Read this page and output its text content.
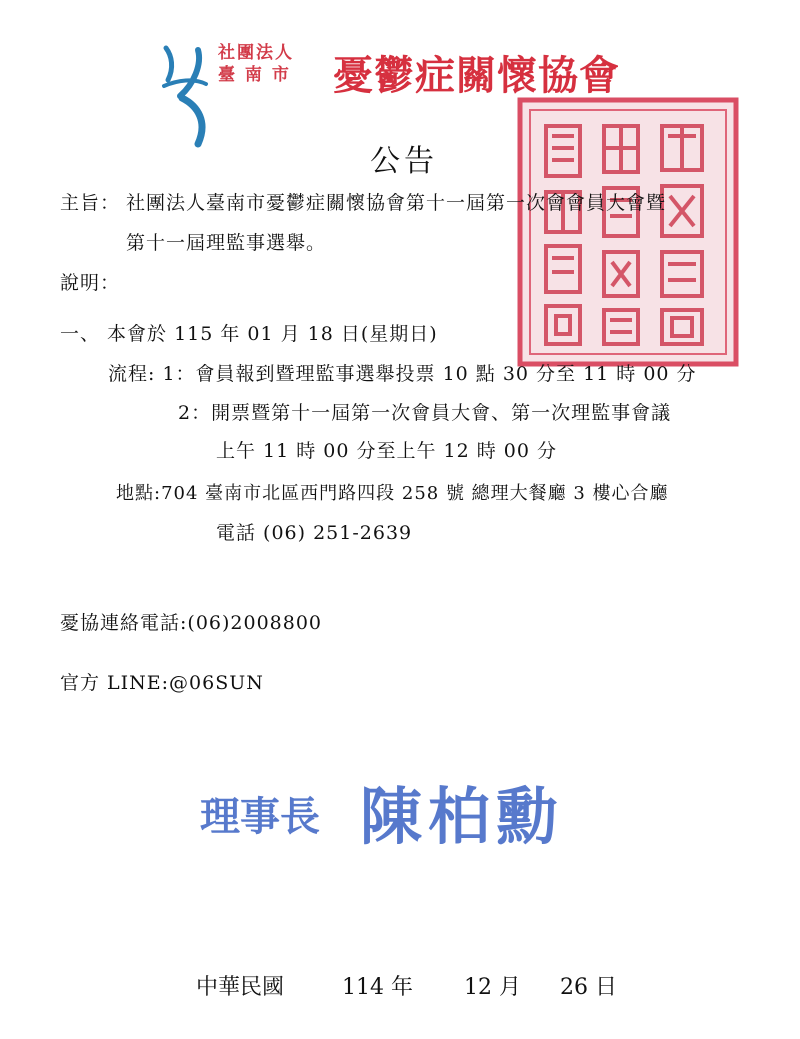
社團法人
臺 南 市	憂鬱症關懷協會
公告
主旨： 社團法人臺南市憂鬱症關懷協會第十一屆第一次會會員大會暨
第十一屆理監事選舉。
說明：
一、 本會於 115 年 01 月 18 日(星期日)
流程: 1：會員報到暨理監事選舉投票 10 點 30 分至 11 時 00 分
2：開票暨第十一屆第一次會員大會、第一次理監事會議
上午 11 時 00 分至上午 12 時 00 分
地點:704 臺南市北區西門路四段 258 號 總理大餐廳 3 樓心合廳
電話 (06) 251-2639
憂協連絡電話:(06)2008800
官方 LINE:@06SUN
理事長 陳柏勳
中華民國	114 年 12 月 26 日
